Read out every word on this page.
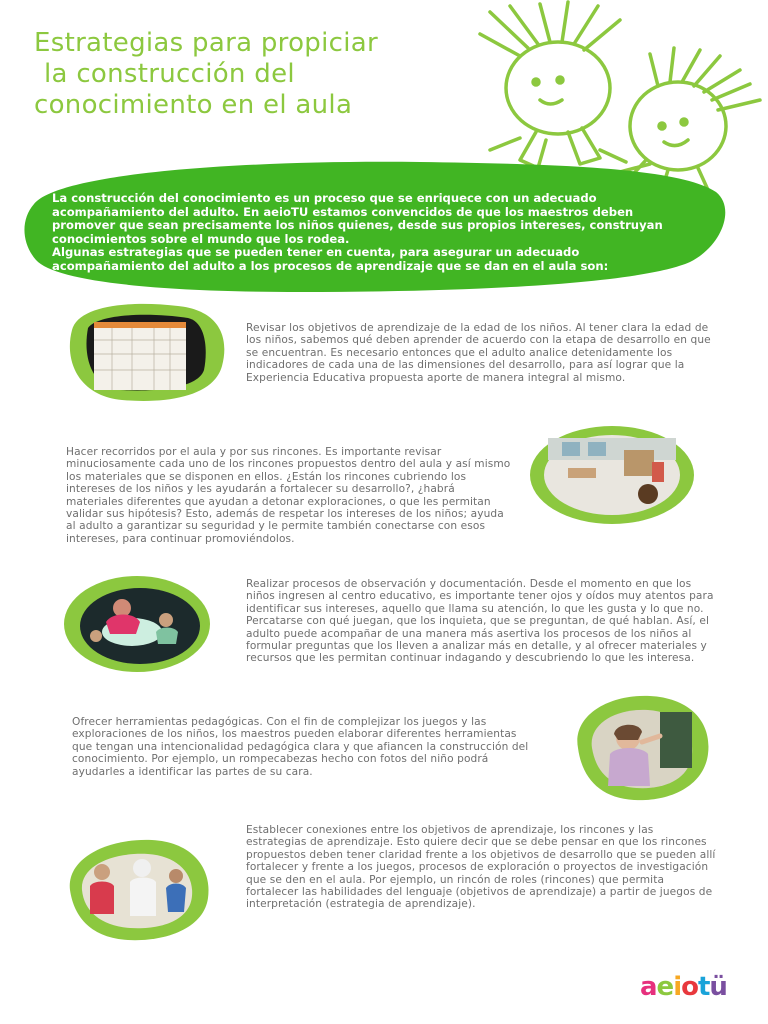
Estrategias para propiciar
la construcción del
conocimiento en el aula

La construcción del conocimiento es un proceso que se enriquece con un adecuado acompañamiento del adulto. En aeioTU estamos convencidos de que los maestros deben promover que sean precisamente los niños quienes, desde sus propios intereses, construyan conocimientos sobre el mundo que los rodea.

Algunas estrategias que se pueden tener en cuenta, para asegurar un adecuado acompañamiento del adulto a los procesos de aprendizaje que se dan en el aula son:

Revisar los objetivos de aprendizaje de la edad de los niños. Al tener clara la edad de los niños, sabemos qué deben aprender de acuerdo con la etapa de desarrollo en que se encuentran. Es necesario entonces que el adulto analice detenidamente los indicadores de cada una de las dimensiones del desarrollo, para así lograr que la Experiencia Educativa propuesta aporte de manera integral al mismo.
Hacer recorridos por el aula y por sus rincones. Es importante revisar minuciosamente cada uno de los rincones propuestos dentro del aula y así mismo los materiales que se disponen en ellos. ¿Están los rincones cubriendo los intereses de los niños y les ayudarán a fortalecer su desarrollo?, ¿habrá materiales diferentes que ayudan a detonar exploraciones, o que les permitan validar sus hipótesis? Esto, además de respetar los intereses de los niños; ayuda al adulto a garantizar su seguridad y le permite también conectarse con esos intereses, para continuar promoviéndolos.
Realizar procesos de observación y documentación. Desde el momento en que los niños ingresen al centro educativo, es importante tener ojos y oídos muy atentos para identificar sus intereses, aquello que llama su atención, lo que les gusta y lo que no. Percatarse con qué juegan, que los inquieta, que se preguntan, de qué hablan. Así, el adulto puede acompañar de una manera más asertiva los procesos de los niños al formular preguntas que los lleven a analizar más en detalle, y al ofrecer materiales y recursos que les permitan continuar indagando y descubriendo lo que les interesa.
Ofrecer herramientas pedagógicas. Con el fin de complejizar los juegos y las exploraciones de los niños, los maestros pueden elaborar diferentes herramientas que tengan una intencionalidad pedagógica clara y que afiancen la construcción del conocimiento. Por ejemplo, un rompecabezas hecho con fotos del niño podrá ayudarles a identificar las partes de su cara.
Establecer conexiones entre los objetivos de aprendizaje, los rincones y las estrategias de aprendizaje. Esto quiere decir que se debe pensar en que los rincones propuestos deben tener claridad frente a los objetivos de desarrollo que se pueden allí fortalecer y frente a los juegos, procesos de exploración o proyectos de investigación que se den en el aula. Por ejemplo, un rincón de roles (rincones) que permita fortalecer las habilidades del lenguaje (objetivos de aprendizaje) a partir de juegos de interpretación (estrategia de aprendizaje).
aeiotü
